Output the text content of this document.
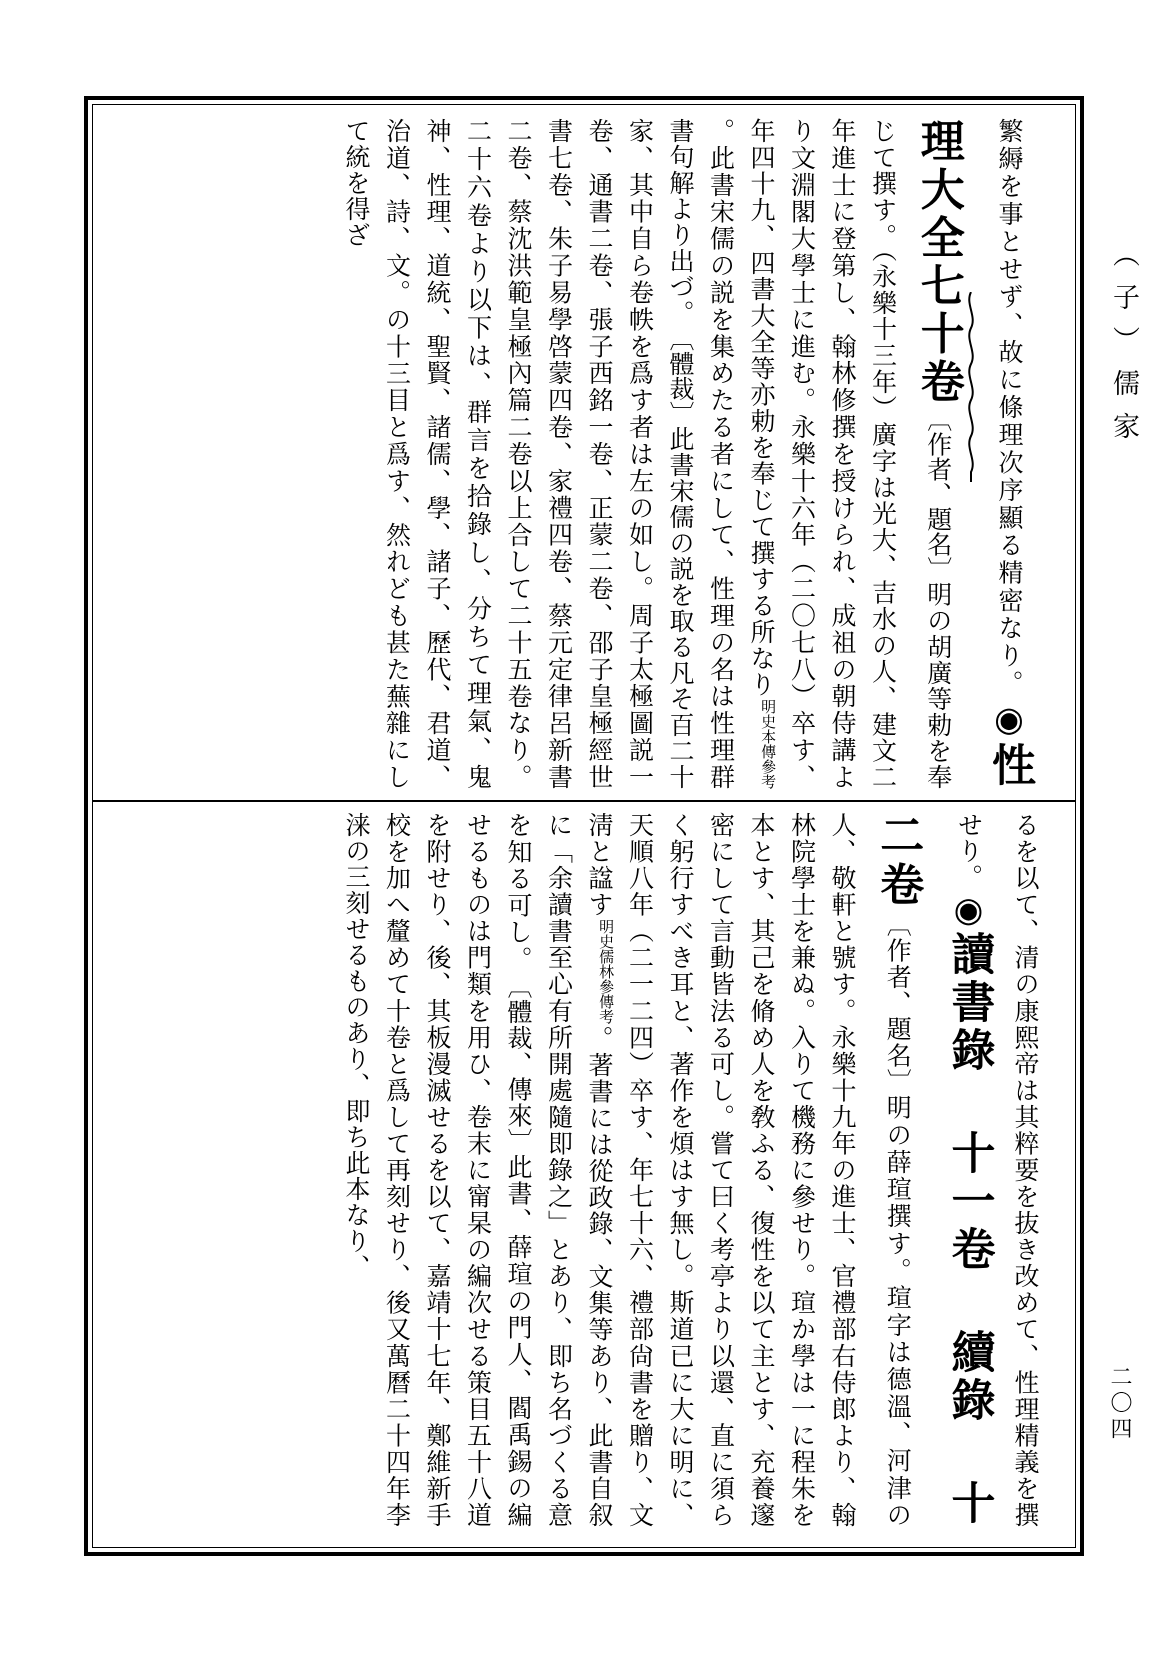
（子）儒家
二〇四
繁縟を事とせず、故に條理次序顯る精密なり。◉性理大全七十卷〔作者、題名〕明の胡廣等勅を奉じて撰す。（永樂十三年）廣字は光大、吉水の人、建文二年進士に登第し、翰林修撰を授けられ、成祖の朝侍講より文淵閣大學士に進む。永樂十六年（二〇七八）卒す、年四十九、四書大全等亦勅を奉じて撰する所なり
明史本傳參考
。此書宋儒の説を集めたる者にして、性理の名は性理群書句解より出づ。〔體裁〕此書宋儒の説を取る凡そ百二十家、其中自ら卷帙を爲す者は左の如し。周子太極圖説一卷、通書二卷、張子西銘一卷、正蒙二卷、邵子皇極經世書七卷、朱子易學啓蒙四卷、家禮四卷、蔡元定律呂新書二卷、蔡沈洪範皇極內篇二卷以上合して二十五卷なり。二十六卷より以下は、群言を拾錄し、分ちて理氣、鬼神、性理、道統、聖賢、諸儒、學、諸子、歷代、君道、治道、詩、文。の十三目と爲す、然れども甚た蕪雜にして統を得ざ
るを以て、清の康熙帝は其粹要を抜き改めて、性理精義を撰せり。◉讀書錄 十一卷 續錄 十二卷〔作者、題名〕明の薛瑄撰す。瑄字は德溫、河津の人、敬軒と號す。永樂十九年の進士、官禮部右侍郎より、翰林院學士を兼ぬ。入りて機務に參せり。瑄か學は一に程朱を本とす、其己を脩め人を敎ふる、復性を以て主とす、充養邃密にして言動皆法る可し。嘗て曰く考亭より以還、直に須らく躬行すべき耳と、著作を煩はす無し。斯道已に大に明に、天順八年（二一二四）卒す、年七十六、禮部尙書を贈り、文淸と諡す
明史儒林參傳考
。著書には從政錄、文集等あり、此書自叙に「余讀書至心有所開處隨即錄之」とあり、即ち名づくる意を知る可し。〔體裁、傳來〕此書、薛瑄の門人、閻禹錫の編せるものは門類を用ひ、卷末に甯杲の編次せる策目五十八道を附せり、後、其板漫滅せるを以て、嘉靖十七年、鄭維新手校を加へ釐めて十卷と爲して再刻せり、後又萬曆二十四年李涞の三刻せるものあり、即ち此本なり、
